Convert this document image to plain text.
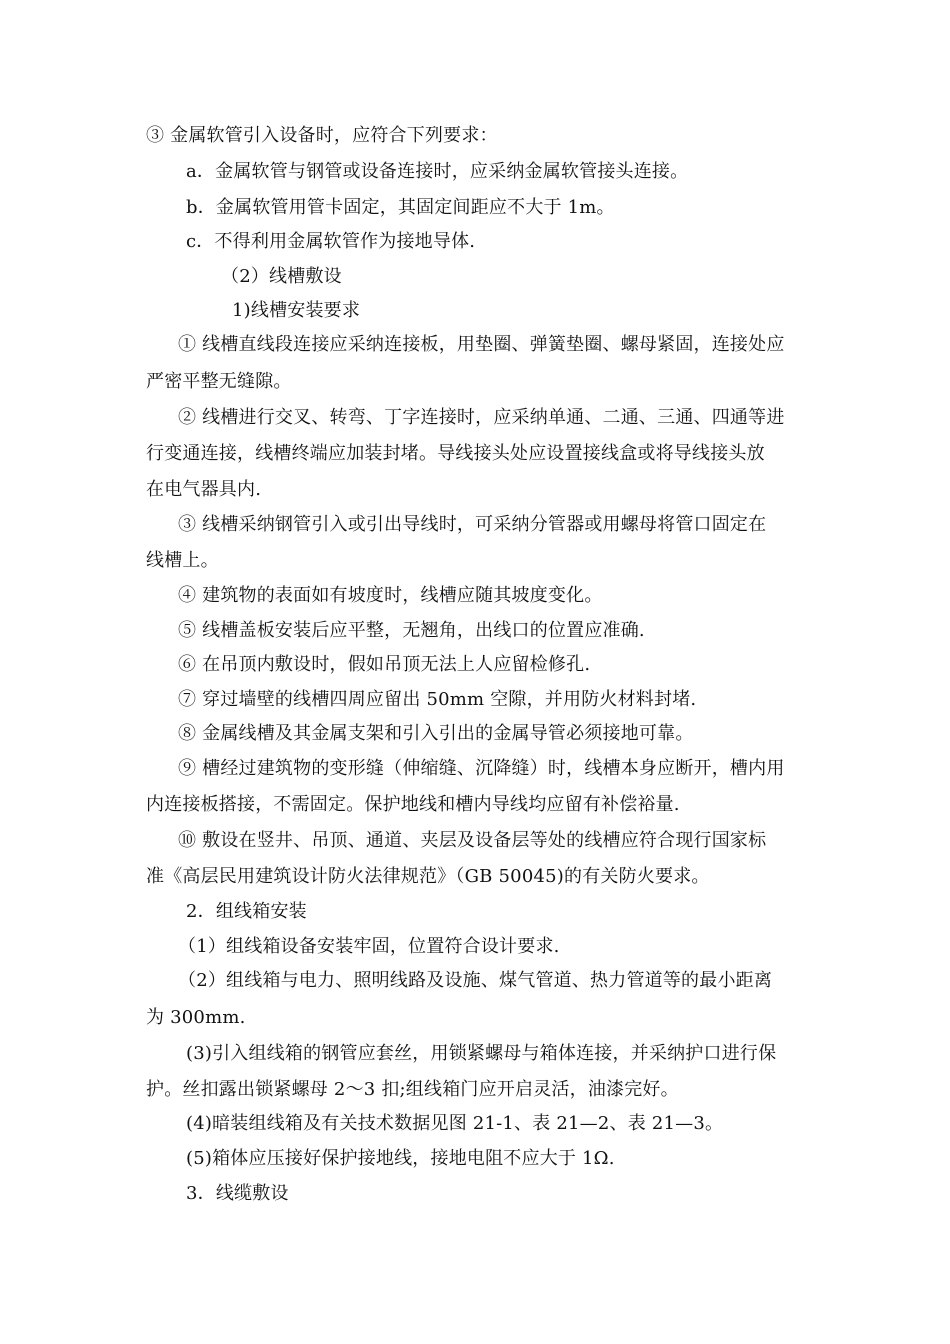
③ 金属软管引入设备时，应符合下列要求：
a．金属软管与钢管或设备连接时，应采纳金属软管接头连接。
b．金属软管用管卡固定，其固定间距应不大于 1m。
c．不得利用金属软管作为接地导体.
（2）线槽敷设
1)线槽安装要求
① 线槽直线段连接应采纳连接板，用垫圈、弹簧垫圈、螺母紧固，连接处应
严密平整无缝隙。
② 线槽进行交叉、转弯、丁字连接时，应采纳单通、二通、三通、四通等进
行变通连接，线槽终端应加装封堵。导线接头处应设置接线盒或将导线接头放
在电气器具内.
③ 线槽采纳钢管引入或引出导线时，可采纳分管器或用螺母将管口固定在
线槽上。
④ 建筑物的表面如有坡度时，线槽应随其坡度变化。
⑤ 线槽盖板安装后应平整，无翘角，出线口的位置应准确.
⑥ 在吊顶内敷设时，假如吊顶无法上人应留检修孔.
⑦ 穿过墙壁的线槽四周应留出 50mm 空隙，并用防火材料封堵.
⑧ 金属线槽及其金属支架和引入引出的金属导管必须接地可靠。
⑨ 槽经过建筑物的变形缝（伸缩缝、沉降缝）时，线槽本身应断开，槽内用
内连接板搭接，不需固定。保护地线和槽内导线均应留有补偿裕量.
⑩ 敷设在竖井、吊顶、通道、夹层及设备层等处的线槽应符合现行国家标
准《高层民用建筑设计防火法律规范》（GB 50045)的有关防火要求。
2．组线箱安装
（1）组线箱设备安装牢固，位置符合设计要求.
（2）组线箱与电力、照明线路及设施、煤气管道、热力管道等的最小距离
为 300mm.
(3)引入组线箱的钢管应套丝，用锁紧螺母与箱体连接，并采纳护口进行保
护。丝扣露出锁紧螺母 2～3 扣;组线箱门应开启灵活，油漆完好。
(4)暗装组线箱及有关技术数据见图 21-1、表 21—2、表 21—3。
(5)箱体应压接好保护接地线，接地电阻不应大于 1Ω.
3．线缆敷设
